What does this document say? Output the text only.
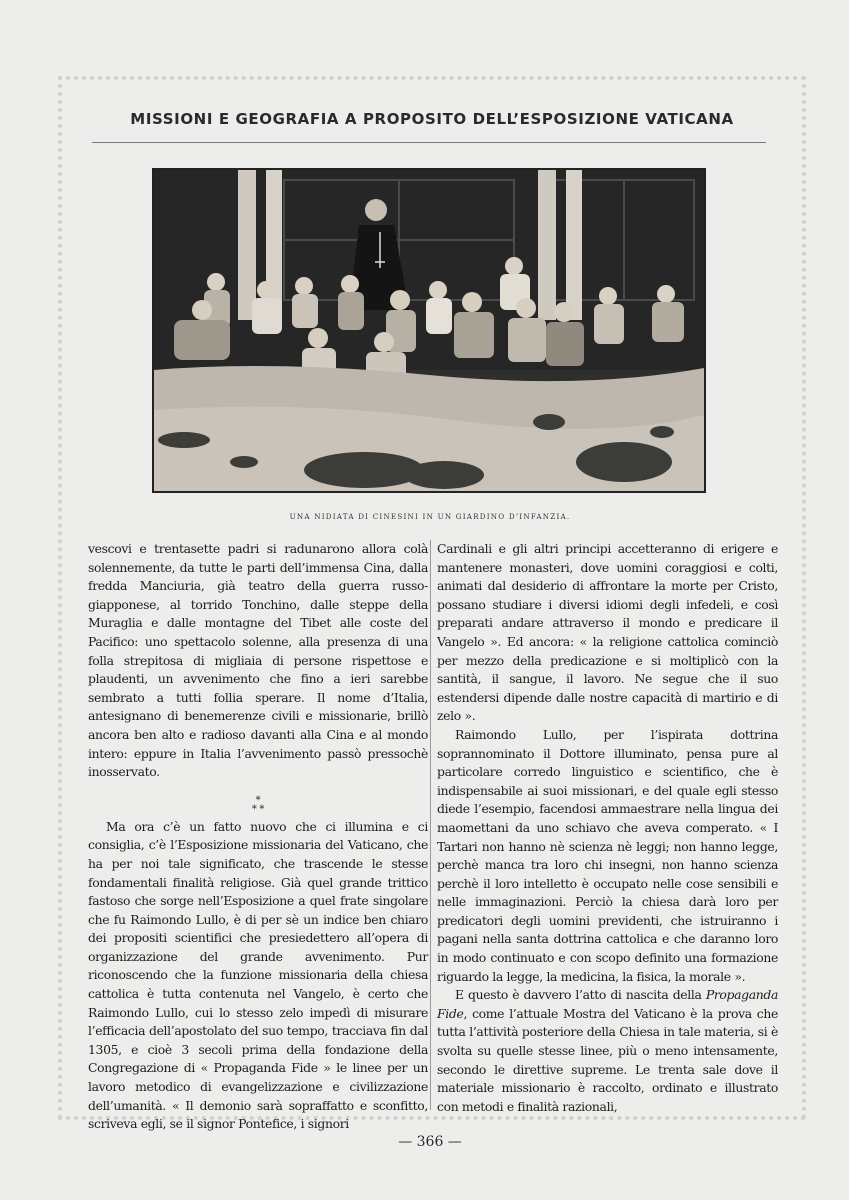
MISSIONI E GEOGRAFIA A PROPOSITO DELL’ESPOSIZIONE VATICANA

UNA NIDIATA DI CINESINI IN UN GIARDINO D’INFANZIA.

vescovi e trentasette padri si radunarono allora colà solennemente, da tutte le parti dell’immensa Cina, dalla fredda Manciuria, già teatro della guerra russo-giapponese, al torrido Tonchino, dalle steppe della Muraglia e dalle montagne del Tibet alle coste del Pacifico: uno spettacolo solenne, alla presenza di una folla strepitosa di migliaia di persone rispettose e plaudenti, un avvenimento che fino a ieri sarebbe sembrato a tutti follia sperare. Il nome d’Italia, antesignano di benemerenze civili e missionarie, brillò ancora ben alto e radioso davanti alla Cina e al mondo intero: eppure in Italia l’avvenimento passò pressochè inosservato.

*
* *

Ma ora c’è un fatto nuovo che ci illumina e ci consiglia, c’è l’Esposizione missionaria del Vaticano, che ha per noi tale significato, che trascende le stesse fondamentali finalità religiose. Già quel grande trittico fastoso che sorge nell’Esposizione a quel frate singolare che fu Raimondo Lullo, è di per sè un indice ben chiaro dei propositi scientifici che presiedettero all’opera di organizzazione del grande avvenimento. Pur riconoscendo che la funzione missionaria della chiesa cattolica è tutta contenuta nel Vangelo, è certo che Raimondo Lullo, cui lo stesso zelo impedì di misurare l’efficacia dell’apostolato del suo tempo, tracciava fin dal 1305, e cioè 3 secoli prima della fondazione della Congregazione di « Propaganda Fide » le linee per un lavoro metodico di evangelizzazione e civilizzazione dell’umanità. « Il demonio sarà sopraffatto e sconfitto, scriveva egli, se il signor Pontefice, i signori

Cardinali e gli altri principi accetteranno di erigere e mantenere monasteri, dove uomini coraggiosi e colti, animati dal desiderio di affrontare la morte per Cristo, possano studiare i diversi idiomi degli infedeli, e così preparati andare attraverso il mondo e predicare il Vangelo ». Ed ancora: « la religione cattolica cominciò per mezzo della predicazione e si moltiplicò con la santità, il sangue, il lavoro. Ne segue che il suo estendersi dipende dalle nostre capacità di martirio e di zelo ».

Raimondo Lullo, per l’ispirata dottrina soprannominato il Dottore illuminato, pensa pure al particolare corredo linguistico e scientifico, che è indispensabile ai suoi missionari, e del quale egli stesso diede l’esempio, facendosi ammaestrare nella lingua dei maomettani da uno schiavo che aveva comperato. « I Tartari non hanno nè scienza nè leggi; non hanno legge, perchè manca tra loro chi insegni, non hanno scienza perchè il loro intelletto è occupato nelle cose sensibili e nelle immaginazioni. Perciò la chiesa darà loro per predicatori degli uomini previdenti, che istruiranno i pagani nella santa dottrina cattolica e che daranno loro in modo continuato e con scopo definito una formazione riguardo la legge, la medicina, la fisica, la morale ».

E questo è davvero l’atto di nascita della Propaganda Fide, come l’attuale Mostra del Vaticano è la prova che tutta l’attività posteriore della Chiesa in tale materia, si è svolta su quelle stesse linee, più o meno intensamente, secondo le direttive supreme. Le trenta sale dove il materiale missionario è raccolto, ordinato e illustrato con metodi e finalità razionali,

— 366 —
